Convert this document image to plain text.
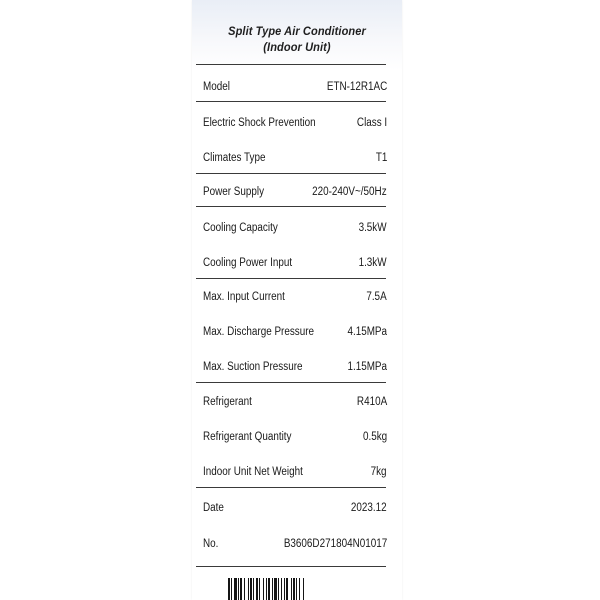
Split Type Air Conditioner
(Indoor Unit)
Model	ETN-12R1AC
Electric Shock Prevention	Class I
Climates Type	T1
Power Supply	220-240V~/50Hz
Cooling Capacity	3.5kW
Cooling Power Input	1.3kW
Max. Input Current	7.5A
Max. Discharge Pressure	4.15MPa
Max. Suction Pressure	1.15MPa
Refrigerant	R410A
Refrigerant Quantity	0.5kg
Indoor Unit Net Weight	7kg
Date	2023.12
No.	B3606D271804N01017
